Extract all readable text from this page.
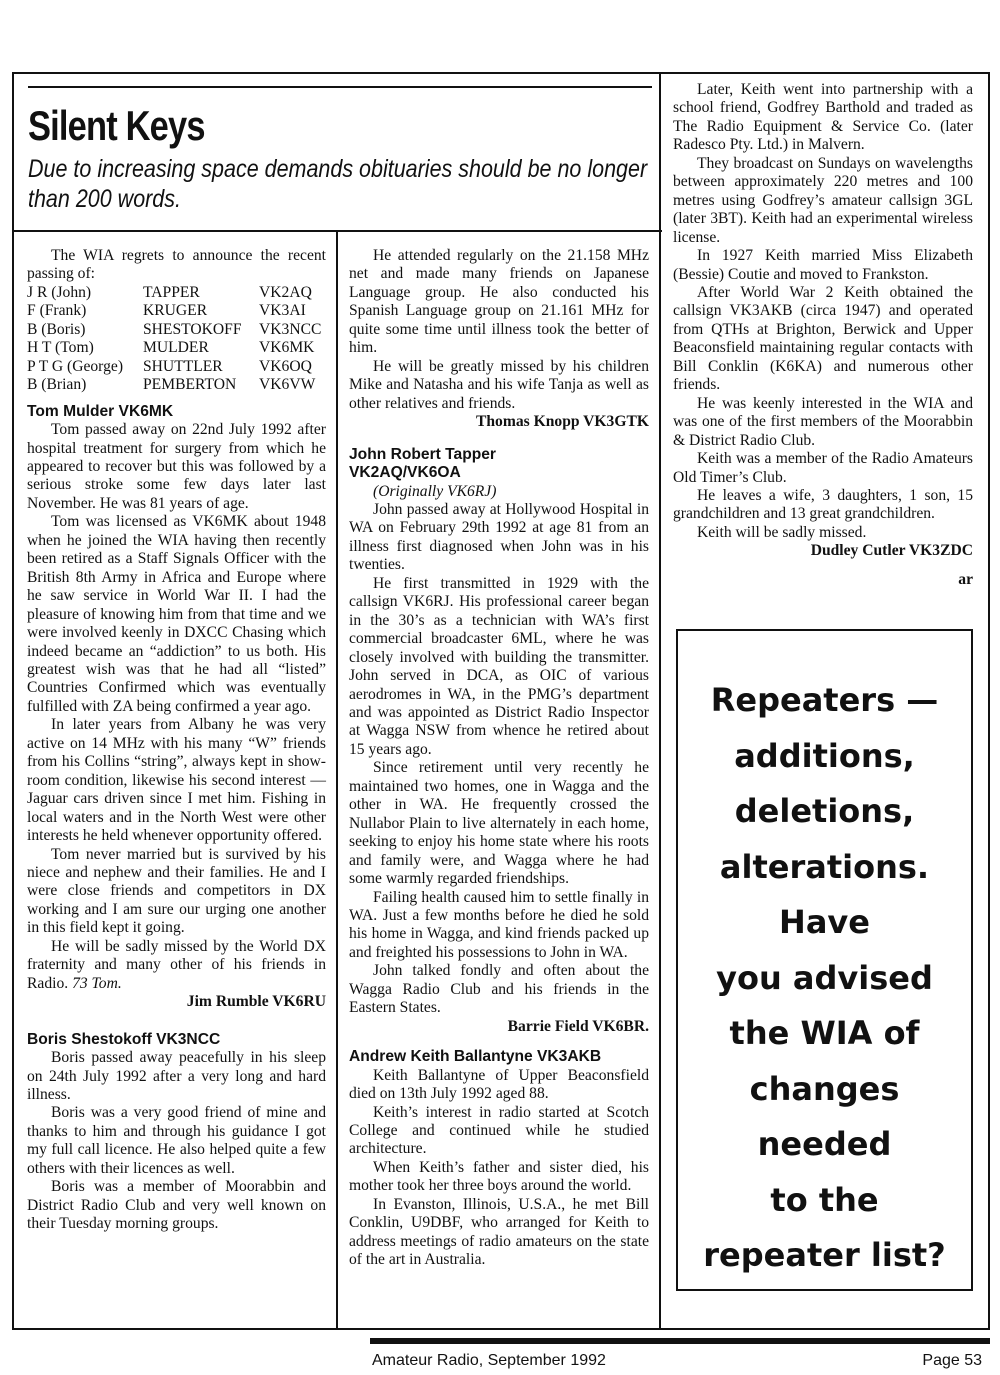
Silent Keys

Due to increasing space demands obituaries should be no longer than 200 words.

The WIA regrets to announce the recent passing of:

J R (John)	TAPPER	VK2AQ
F (Frank)	KRUGER	VK3AI
B (Boris)	SHESTOKOFF	VK3NCC
H T (Tom)	MULDER	VK6MK
P T G (George)	SHUTTLER	VK6OQ
B (Brian)	PEMBERTON	VK6VW
Tom Mulder VK6MK

Tom passed away on 22nd July 1992 after hospital treatment for surgery from which he appeared to recover but this was followed by a serious stroke some few days later last November. He was 81 years of age.

Tom was licensed as VK6MK about 1948 when he joined the WIA having then recently been retired as a Staff Signals Officer with the British 8th Army in Africa and Europe where he saw service in World War II. I had the pleasure of knowing him from that time and we were involved keenly in DXCC Chasing which indeed became an “addiction” to us both. His greatest wish was that he had all “listed” Countries Confirmed which was eventually fulfilled with ZA being confirmed a year ago.

In later years from Albany he was very active on 14 MHz with his many “W” friends from his Collins “string”, always kept in show-room condition, likewise his second interest — Jaguar cars driven since I met him. Fishing in local waters and in the North West were other interests he held whenever opportunity offered.

Tom never married but is survived by his niece and nephew and their families. He and I were close friends and competitors in DX working and I am sure our urging one another in this field kept it going.

He will be sadly missed by the World DX fraternity and many other of his friends in Radio. 73 Tom.

Jim Rumble VK6RU

Boris Shestokoff VK3NCC

Boris passed away peacefully in his sleep on 24th July 1992 after a very long and hard illness.

Boris was a very good friend of mine and thanks to him and through his guidance I got my full call licence. He also helped quite a few others with their licences as well.

Boris was a member of Moorabbin and District Radio Club and very well known on their Tuesday morning groups.

He attended regularly on the 21.158 MHz net and made many friends on Japanese Language group. He also conducted his Spanish Language group on 21.161 MHz for quite some time until illness took the better of him.

He will be greatly missed by his children Mike and Natasha and his wife Tanja as well as other relatives and friends.

Thomas Knopp VK3GTK

John Robert Tapper
VK2AQ/VK6OA

(Originally VK6RJ)

John passed away at Hollywood Hospital in WA on February 29th 1992 at age 81 from an illness first diagnosed when John was in his twenties.

He first transmitted in 1929 with the callsign VK6RJ. His professional career began in the 30’s as a technician with WA’s first commercial broadcaster 6ML, where he was closely involved with building the transmitter. John served in DCA, as OIC of various aerodromes in WA, in the PMG’s department and was appointed as District Radio Inspector at Wagga NSW from whence he retired about 15 years ago.

Since retirement until very recently he maintained two homes, one in Wagga and the other in WA. He frequently crossed the Nullabor Plain to live alternately in each home, seeking to enjoy his home state where his roots and family were, and Wagga where he had some warmly regarded friendships.

Failing health caused him to settle finally in WA. Just a few months before he died he sold his home in Wagga, and kind friends packed up and freighted his possessions to John in WA.

John talked fondly and often about the Wagga Radio Club and his friends in the Eastern States.

Barrie Field VK6BR.

Andrew Keith Ballantyne VK3AKB

Keith Ballantyne of Upper Beaconsfield died on 13th July 1992 aged 88.

Keith’s interest in radio started at Scotch College and continued while he studied architecture.

When Keith’s father and sister died, his mother took her three boys around the world.

In Evanston, Illinois, U.S.A., he met Bill Conklin, U9DBF, who arranged for Keith to address meetings of radio amateurs on the state of the art in Australia.

Later, Keith went into partnership with a school friend, Godfrey Barthold and traded as The Radio Equipment & Service Co. (later Radesco Pty. Ltd.) in Malvern.

They broadcast on Sundays on wavelengths between approximately 220 metres and 100 metres using Godfrey’s amateur callsign 3GL (later 3BT). Keith had an experimental wireless license.

In 1927 Keith married Miss Elizabeth (Bessie) Coutie and moved to Frankston.

After World War 2 Keith obtained the callsign VK3AKB (circa 1947) and operated from QTHs at Brighton, Berwick and Upper Beaconsfield maintaining regular contacts with Bill Conklin (K6KA) and numerous other friends.

He was keenly interested in the WIA and was one of the first members of the Moorabbin & District Radio Club.

Keith was a member of the Radio Amateurs Old Timer’s Club.

He leaves a wife, 3 daughters, 1 son, 15 grandchildren and 13 great grandchildren.

Keith will be sadly missed.

Dudley Cutler VK3ZDC

ar

Repeaters —
additions,
deletions,
alterations.
Have
you advised
the WIA of
changes
needed
to the
repeater list?
Amateur Radio, September 1992	Page 53
